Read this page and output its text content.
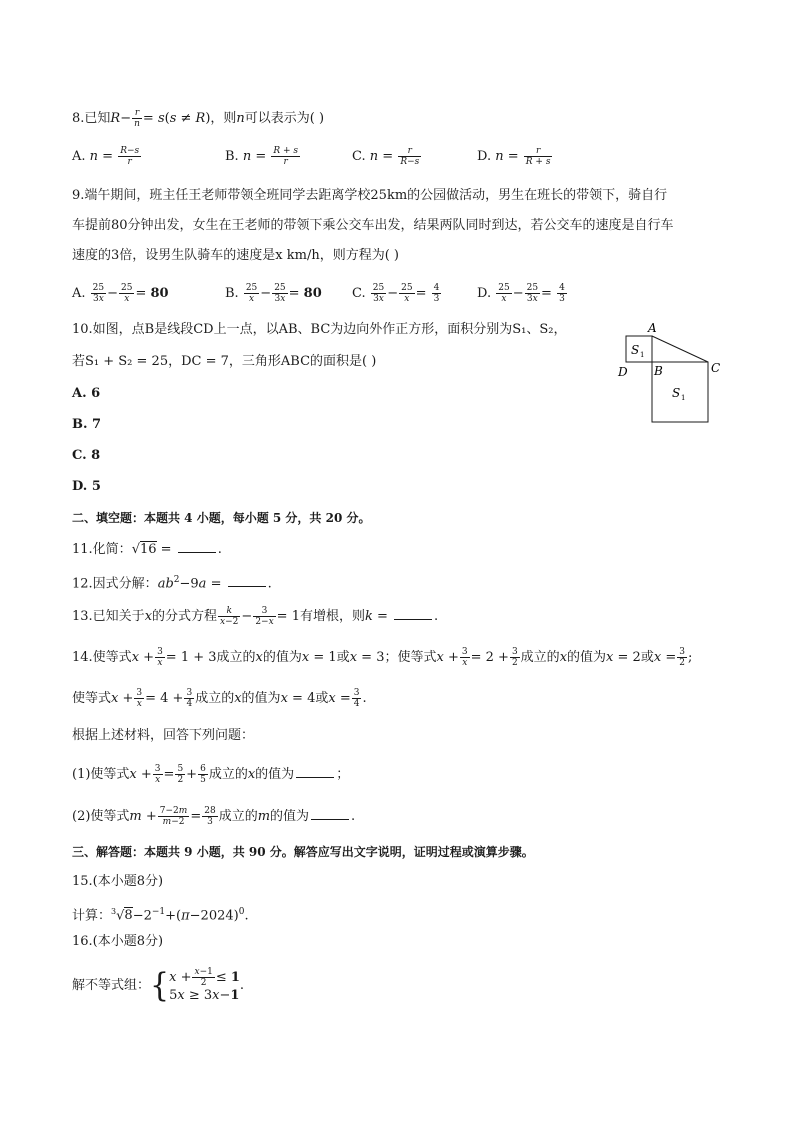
8.已知$R- \frac{r}{n} = s(s \ne R)$，则n可以表示为( )
A. $n = \frac{R-s}{r}$	B. $n = \frac{R + s}{r}$	C. $n = \frac{r}{R-s}$	D. $n = \frac{r}{R + s}$
9.端午期间，班主任王老师带领全班同学去距离学校25km的公园做活动，男生在班长的带领下，骑自行
车提前80分钟出发，女生在王老师的带领下乘公交车出发，结果两队同时到达，若公交车的速度是自行车
速度的3倍，设男生队骑车的速度是x km/h，则方程为( )
A. $\frac{25}{3x} - \frac{25}{x} = 80$	B. $\frac{25}{x} - \frac{25}{3x} = 80$ C. $\frac{25}{3x} - \frac{25}{x} = \frac{4}{3}$	D. $\frac{25}{x} - \frac{25}{3x} = \frac{4}{3}$
10.如图，点B是线段CD上一点，以AB、BC为边向外作正方形，面积分别为S₁、S₂，
若S₁ + S₂ = 25，DC = 7，三角形ABC的面积是( )
A. 6
B. 7
C. 8
D. 5
A
B	C
D
S 1
S 1
二、填空题：本题共 4 小题，每小题 5 分，共 20 分。
11.化简：√16 =	.
12.因式分解：$ab^2-9a$ =	.
13.已知关于x的分式方程 $\frac{k}{x-2} - \frac{3}{2-x} = 1$有增根，则k =	.
14.使等式$x + \frac{3}{x} = 1 + 3$成立的x的值为x = 1或x = 3；使等式$x + \frac{3}{x} = 2 + \frac{3}{2}$ 成立的x的值为x = 2或$x = \frac{3}{2}$ ;
使等式$x + \frac{3}{x} = 4 + \frac{3}{4}$ 成立的x的值为x = 4或$x = \frac{3}{4}$ .
根据上述材料，回答下列问题：
(1)使等式$x + \frac{3}{x} = \frac{5}{2} + \frac{6}{5}$ 成立的x的值为	；
(2)使等式$m + \frac{7-2m}{m-2} = \frac{28}{3}$ 成立的m的值为	.
三、解答题：本题共 9 小题，共 90 分。解答应写出文字说明，证明过程或演算步骤。
15.(本小题8分)
计算：$^3√8-2^{-1}+(\pi-2024)^0$.
16.(本小题8分)
解不等式组：{ $x + \frac{x-1}{2} \le 1$
5x ≥ 3x−1
.
